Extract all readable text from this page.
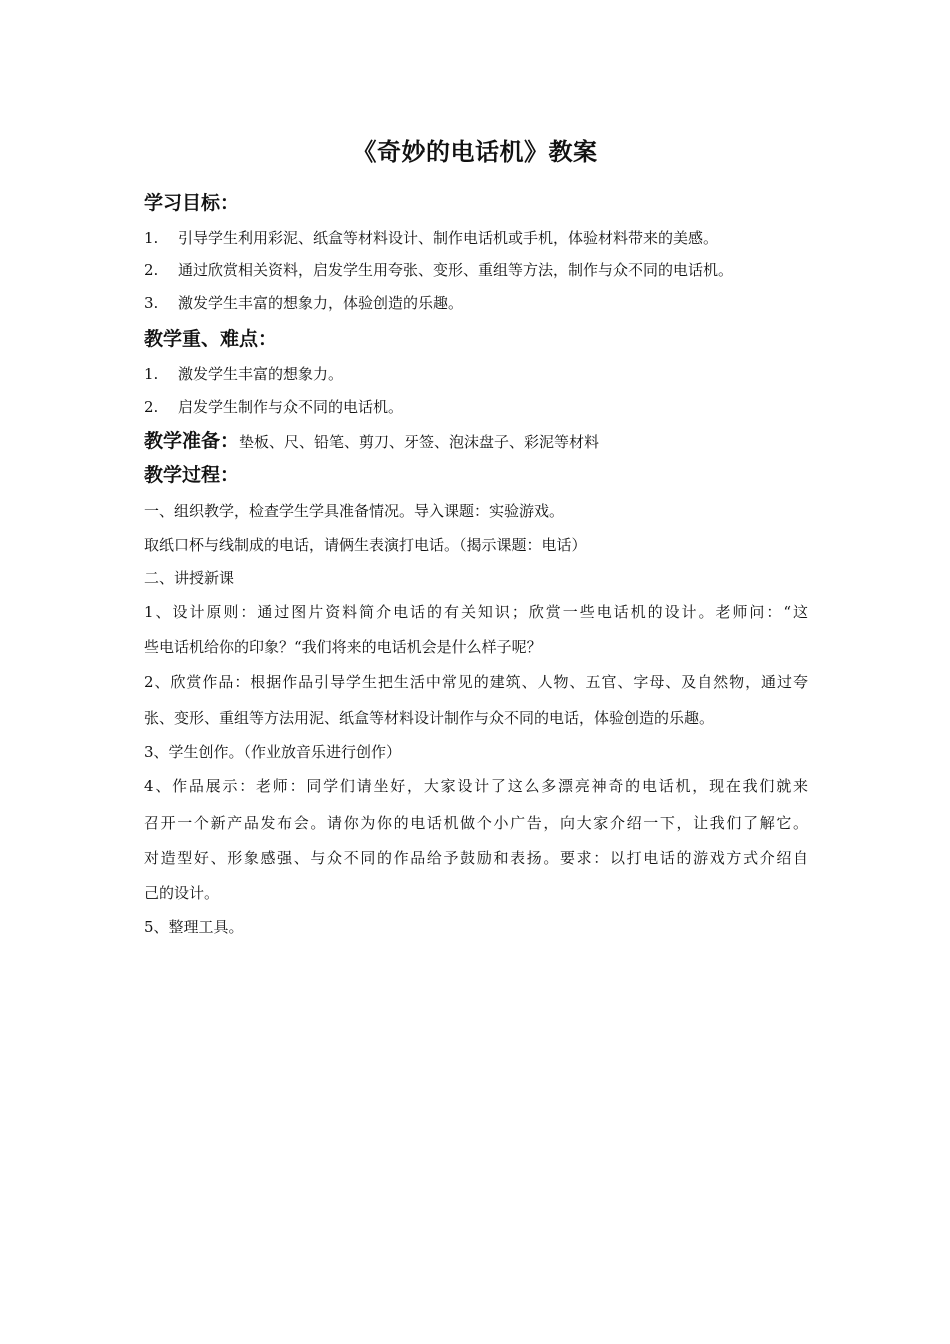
《奇妙的电话机》教案
学习目标：
1. 引导学生利用彩泥、纸盒等材料设计、制作电话机或手机，体验材料带来的美感。
2. 通过欣赏相关资料，启发学生用夸张、变形、重组等方法，制作与众不同的电话机。
3. 激发学生丰富的想象力，体验创造的乐趣。
教学重、难点：
1. 激发学生丰富的想象力。
2. 启发学生制作与众不同的电话机。
教学准备：垫板、尺、铅笔、剪刀、牙签、泡沫盘子、彩泥等材料
教学过程：
一、组织教学，检查学生学具准备情况。导入课题：实验游戏。
取纸口杯与线制成的电话，请俩生表演打电话。（揭示课题：电话）
二、讲授新课
1、设计原则：通过图片资料简介电话的有关知识；欣赏一些电话机的设计。老师问：“这
些电话机给你的印象？“我们将来的电话机会是什么样子呢？
2、欣赏作品：根据作品引导学生把生活中常见的建筑、人物、五官、字母、及自然物，通过夸
张、变形、重组等方法用泥、纸盒等材料设计制作与众不同的电话，体验创造的乐趣。
3、学生创作。（作业放音乐进行创作）
4、作品展示：老师：同学们请坐好，大家设计了这么多漂亮神奇的电话机，现在我们就来
召开一个新产品发布会。请你为你的电话机做个小广告，向大家介绍一下，让我们了解它。
对造型好、形象感强、与众不同的作品给予鼓励和表扬。要求：以打电话的游戏方式介绍自
己的设计。
5、整理工具。
